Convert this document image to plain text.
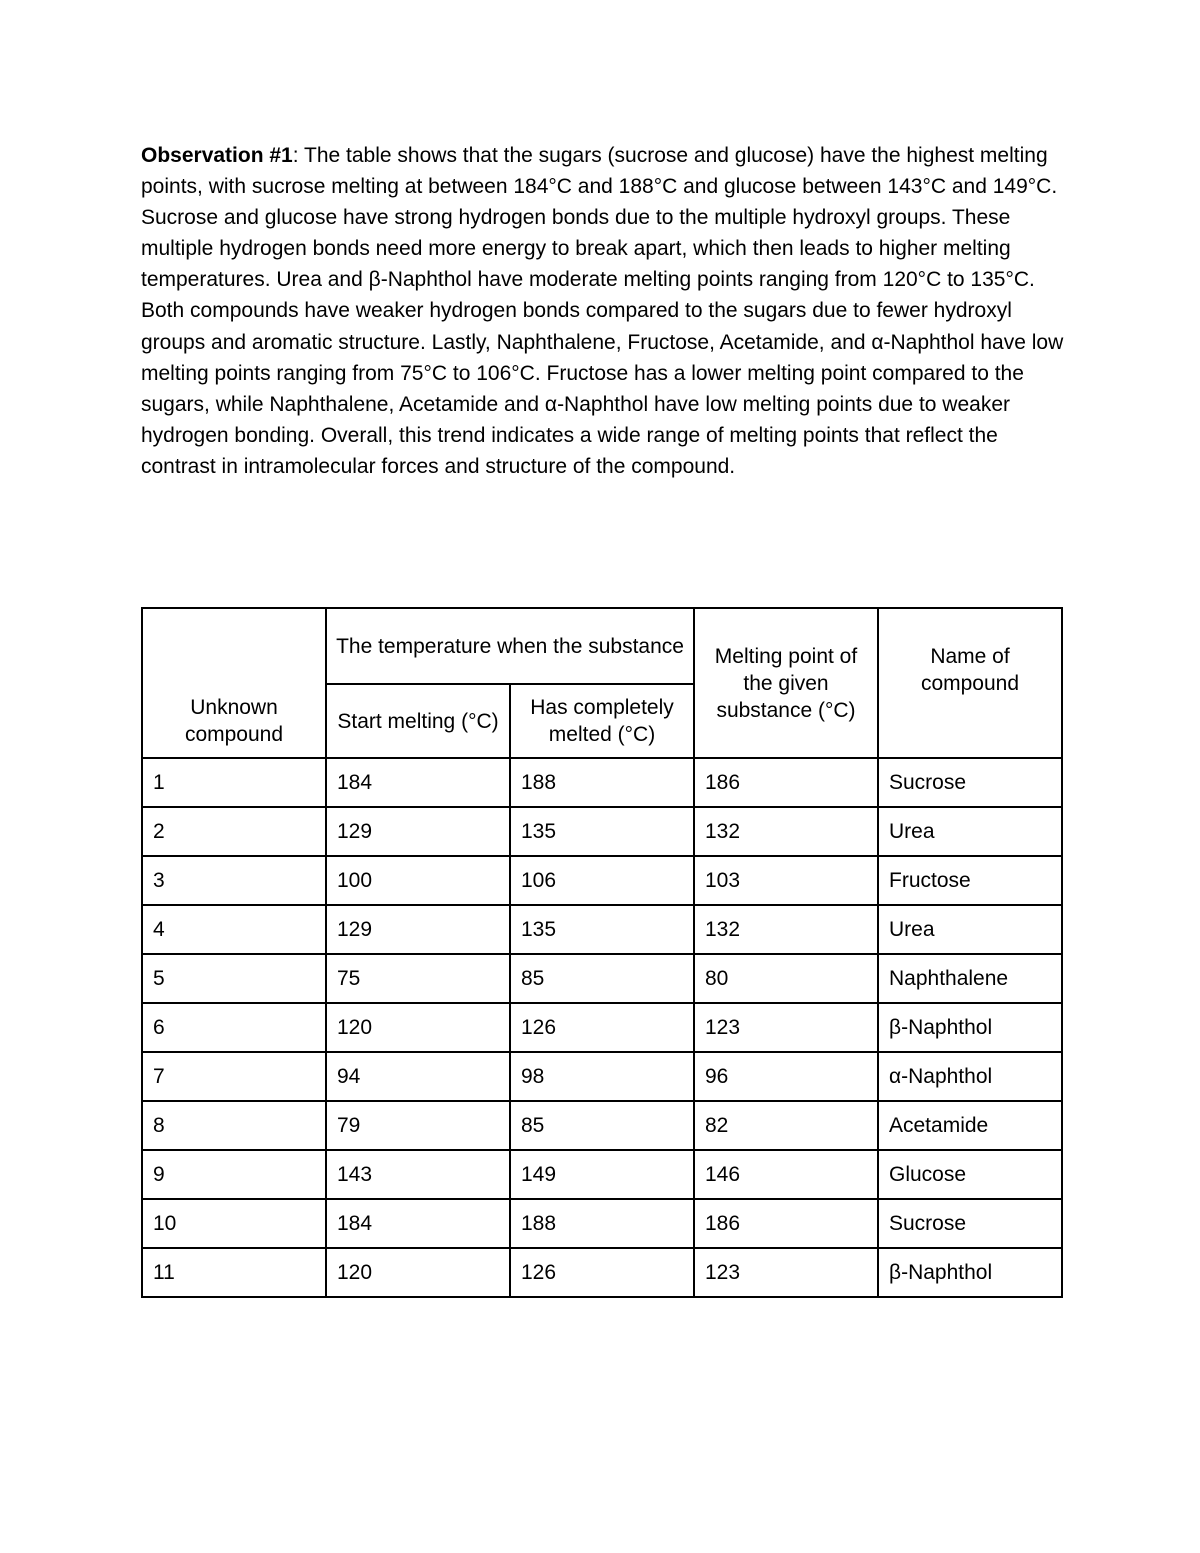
Observation #1: The table shows that the sugars (sucrose and glucose) have the highest melting points, with sucrose melting at between 184°C and 188°C and glucose between 143°C and 149°C. Sucrose and glucose have strong hydrogen bonds due to the multiple hydroxyl groups. These multiple hydrogen bonds need more energy to break apart, which then leads to higher melting temperatures. Urea and β-Naphthol have moderate melting points ranging from 120°C to 135°C. Both compounds have weaker hydrogen bonds compared to the sugars due to fewer hydroxyl groups and aromatic structure. Lastly, Naphthalene, Fructose, Acetamide, and α-Naphthol have low melting points ranging from 75°C to 106°C. Fructose has a lower melting point compared to the sugars, while Naphthalene, Acetamide and α-Naphthol have low melting points due to weaker hydrogen bonding. Overall, this trend indicates a wide range of melting points that reflect the contrast in intramolecular forces and structure of the compound.

	The temperature when the substance		Melting point of the given substance (°C)	Name of compound

Unknown compound	Start melting (°C)	Has completely melted (°C)		
1	184	188	186	Sucrose
2	129	135	132	Urea
3	100	106	103	Fructose
4	129	135	132	Urea
5	75	85	80	Naphthalene
6	120	126	123	β-Naphthol
7	94	98	96	α-Naphthol
8	79	85	82	Acetamide
9	143	149	146	Glucose
10	184	188	186	Sucrose
11	120	126	123	β-Naphthol
